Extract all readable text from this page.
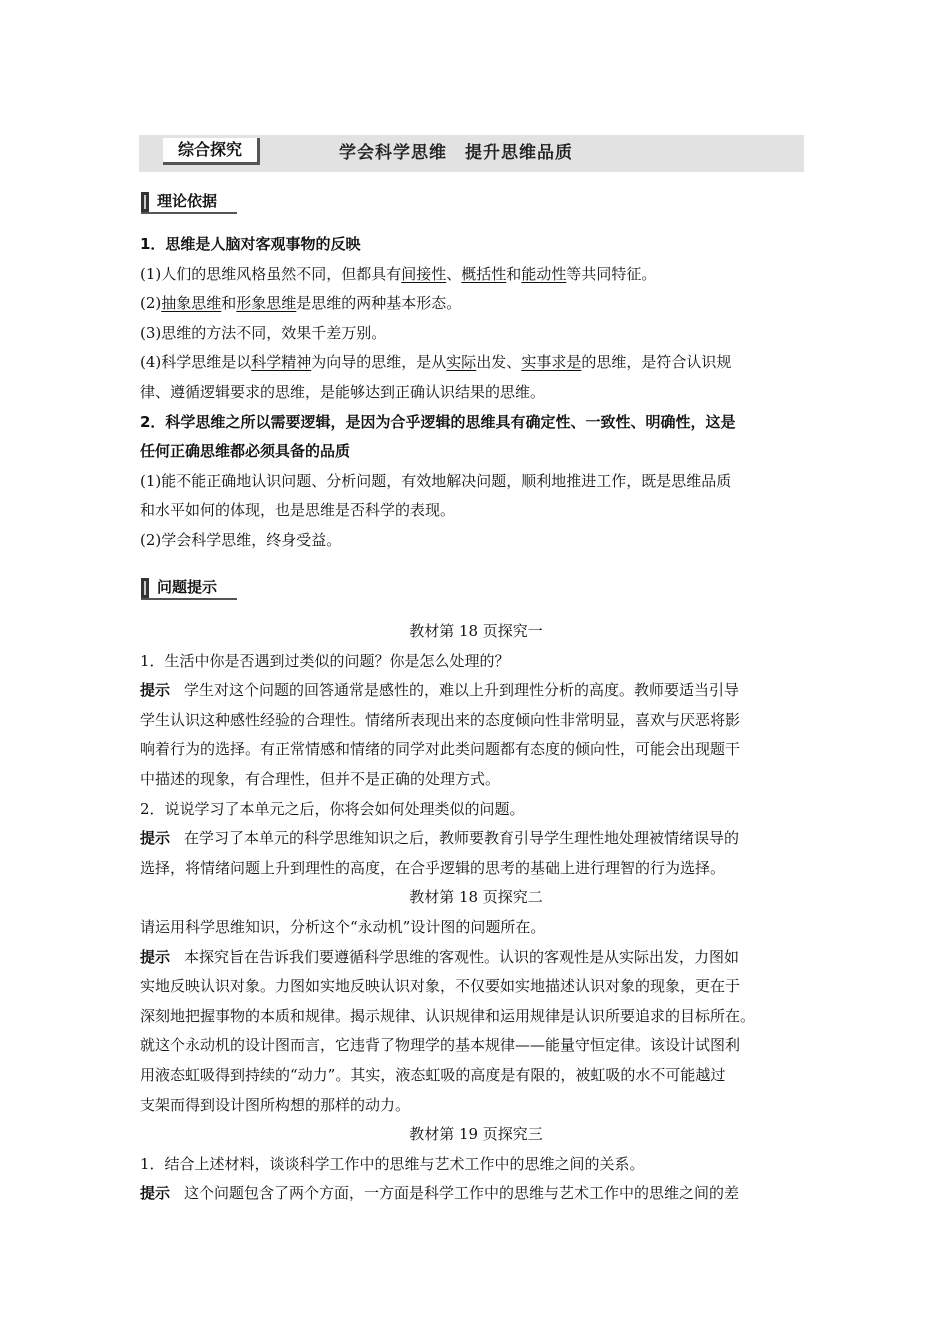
综合探究	学会科学思维　提升思维品质
理论依据

1．思维是人脑对客观事物的反映

(1)人们的思维风格虽然不同，但都具有间接性、概括性和能动性等共同特征。

(2)抽象思维和形象思维是思维的两种基本形态。

(3)思维的方法不同，效果千差万别。

(4)科学思维是以科学精神为向导的思维，是从实际出发、实事求是的思维，是符合认识规

律、遵循逻辑要求的思维，是能够达到正确认识结果的思维。

2．科学思维之所以需要逻辑，是因为合乎逻辑的思维具有确定性、一致性、明确性，这是

任何正确思维都必须具备的品质

(1)能不能正确地认识问题、分析问题，有效地解决问题，顺利地推进工作，既是思维品质

和水平如何的体现，也是思维是否科学的表现。

(2)学会科学思维，终身受益。

问题提示

教材第 18 页探究一

1．生活中你是否遇到过类似的问题？你是怎么处理的？

提示 学生对这个问题的回答通常是感性的，难以上升到理性分析的高度。教师要适当引导

学生认识这种感性经验的合理性。情绪所表现出来的态度倾向性非常明显，喜欢与厌恶将影

响着行为的选择。有正常情感和情绪的同学对此类问题都有态度的倾向性，可能会出现题干

中描述的现象，有合理性，但并不是正确的处理方式。

2．说说学习了本单元之后，你将会如何处理类似的问题。

提示 在学习了本单元的科学思维知识之后，教师要教育引导学生理性地处理被情绪误导的

选择，将情绪问题上升到理性的高度，在合乎逻辑的思考的基础上进行理智的行为选择。

教材第 18 页探究二

请运用科学思维知识，分析这个“永动机”设计图的问题所在。

提示 本探究旨在告诉我们要遵循科学思维的客观性。认识的客观性是从实际出发，力图如

实地反映认识对象。力图如实地反映认识对象，不仅要如实地描述认识对象的现象，更在于

深刻地把握事物的本质和规律。揭示规律、认识规律和运用规律是认识所要追求的目标所在。

就这个永动机的设计图而言，它违背了物理学的基本规律——能量守恒定律。该设计试图利

用液态虹吸得到持续的“动力”。其实，液态虹吸的高度是有限的，被虹吸的水不可能越过

支架而得到设计图所构想的那样的动力。

教材第 19 页探究三

1．结合上述材料，谈谈科学工作中的思维与艺术工作中的思维之间的关系。

提示 这个问题包含了两个方面，一方面是科学工作中的思维与艺术工作中的思维之间的差
